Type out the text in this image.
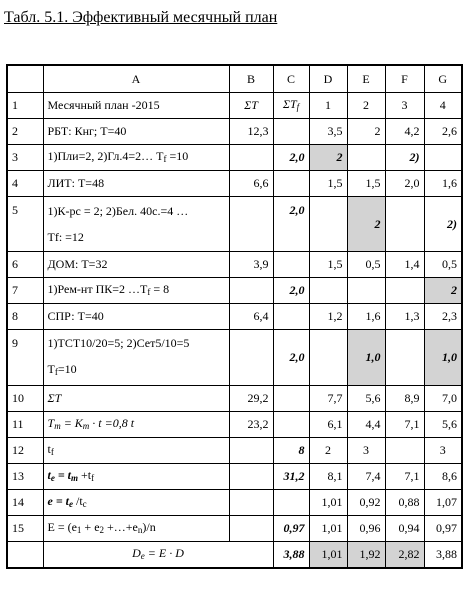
Табл. 5.1. Эффективный месячный план
	A	B	C	D	E	F	G
1	Месячный план -2015	ΣT	$\Sigma T_f$	1	2	3	4
2	РБТ: Кнг; T=40	12,3		3,5	2	4,2	2,6
3	1)Пли=2, 2)Гл.4=2… $T_f =10$		2,0	2		2)	
4	ЛИТ: T=48	6,6		1,5	1,5	2,0	1,6
5	1)К-рс = 2; 2)Бел. 40с.=4 …
Tf: =12		2,0		2		2)
6	ДОМ: T=32	3,9		1,5	0,5	1,4	0,5
7	1)Рем-нт ПК=2 $\dots T_f = 8$		2,0				2
8	СПР: T=40	6,4		1,2	1,6	1,3	2,3
9	1)ТСТ10/20=5; 2)Сет5/10=5
$T_f=10$		2,0		1,0		1,0
10	ΣT	29,2		7,7	5,6	8,9	7,0
11	$T_m = K_m \cdot t =0,8$ t	23,2		6,1	4,4	7,1	5,6
12	$t_f$		8	2	3		3
13	$t_e = t_m +t_f$		31,2	8,1	7,4	7,1	8,6
14	$e = t_e$ $/t_c$			1,01	0,92	0,88	1,07
15	$E = (e_1 + e_2$ $+\dots+e_n)/n$		0,97	1,01	0,96	0,94	0,97
	$D_e = E \cdot D$		3,88	1,01	1,92	2,82	3,88
